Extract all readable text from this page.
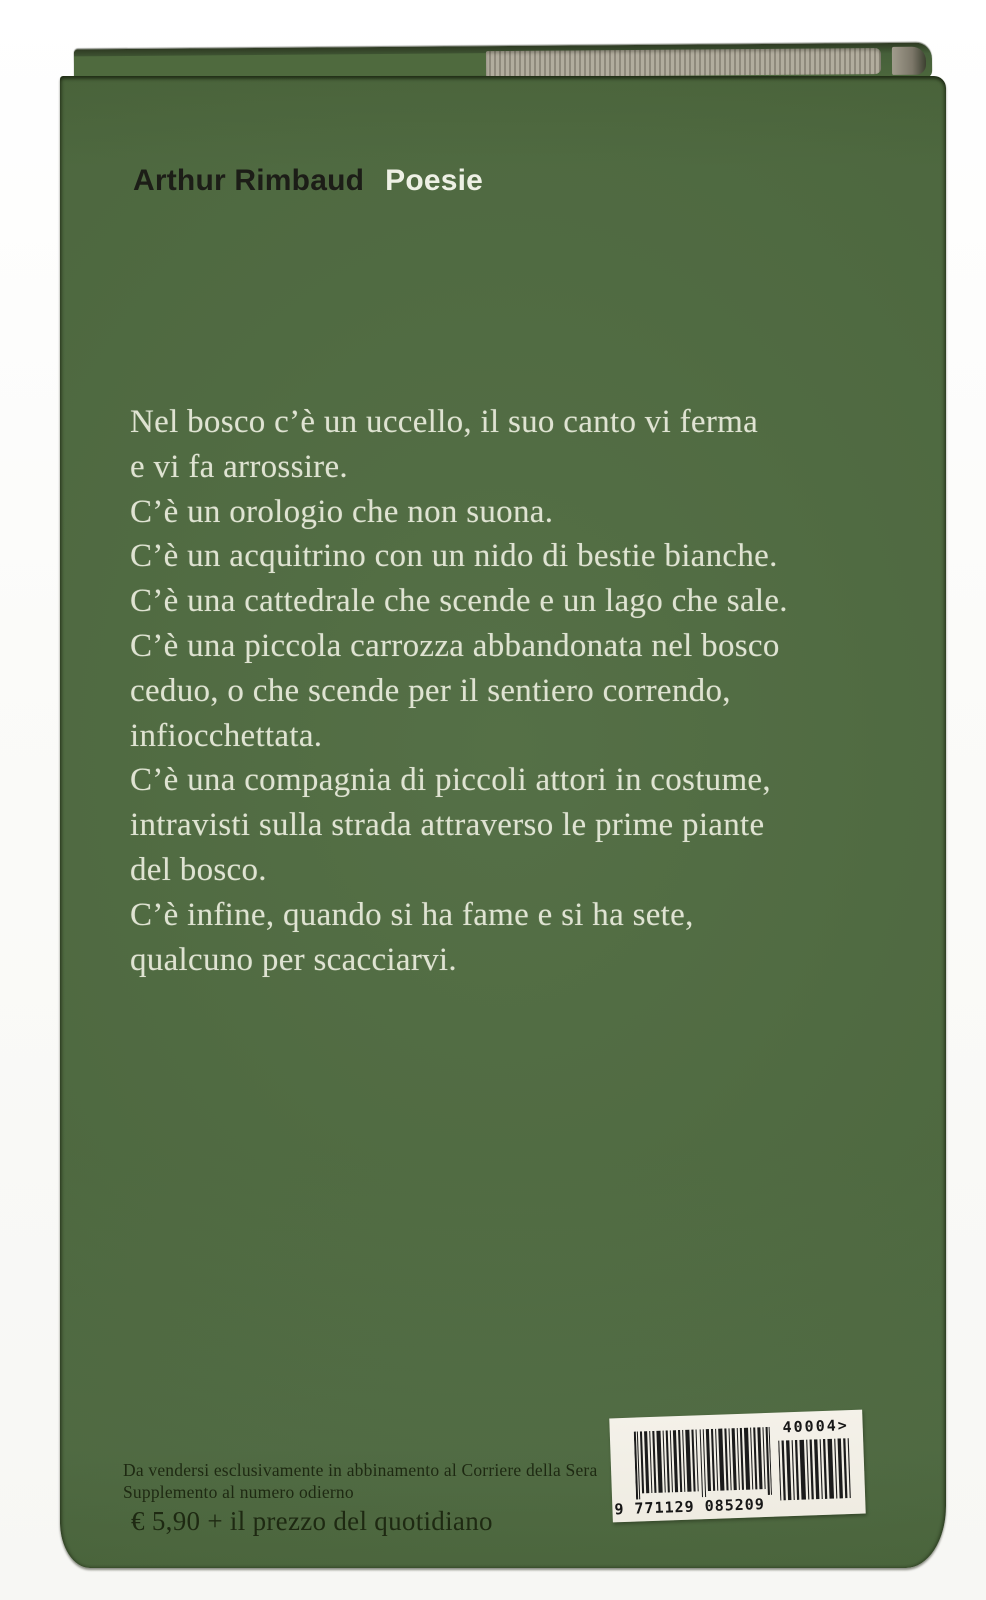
Arthur Rimbaud Poesie
Nel bosco c’è un uccello, il suo canto vi ferma
e vi fa arrossire.
C’è un orologio che non suona.
C’è un acquitrino con un nido di bestie bianche.
C’è una cattedrale che scende e un lago che sale.
C’è una piccola carrozza abbandonata nel bosco
ceduo, o che scende per il sentiero correndo,
infiocchettata.
C’è una compagnia di piccoli attori in costume,
intravisti sulla strada attraverso le prime piante
del bosco.
C’è infine, quando si ha fame e si ha sete,
qualcuno per scacciarvi.
Da vendersi esclusivamente in abbinamento al Corriere della Sera
Supplemento al numero odierno
€ 5,90 + il prezzo del quotidiano	9 771129 085209
40004>
